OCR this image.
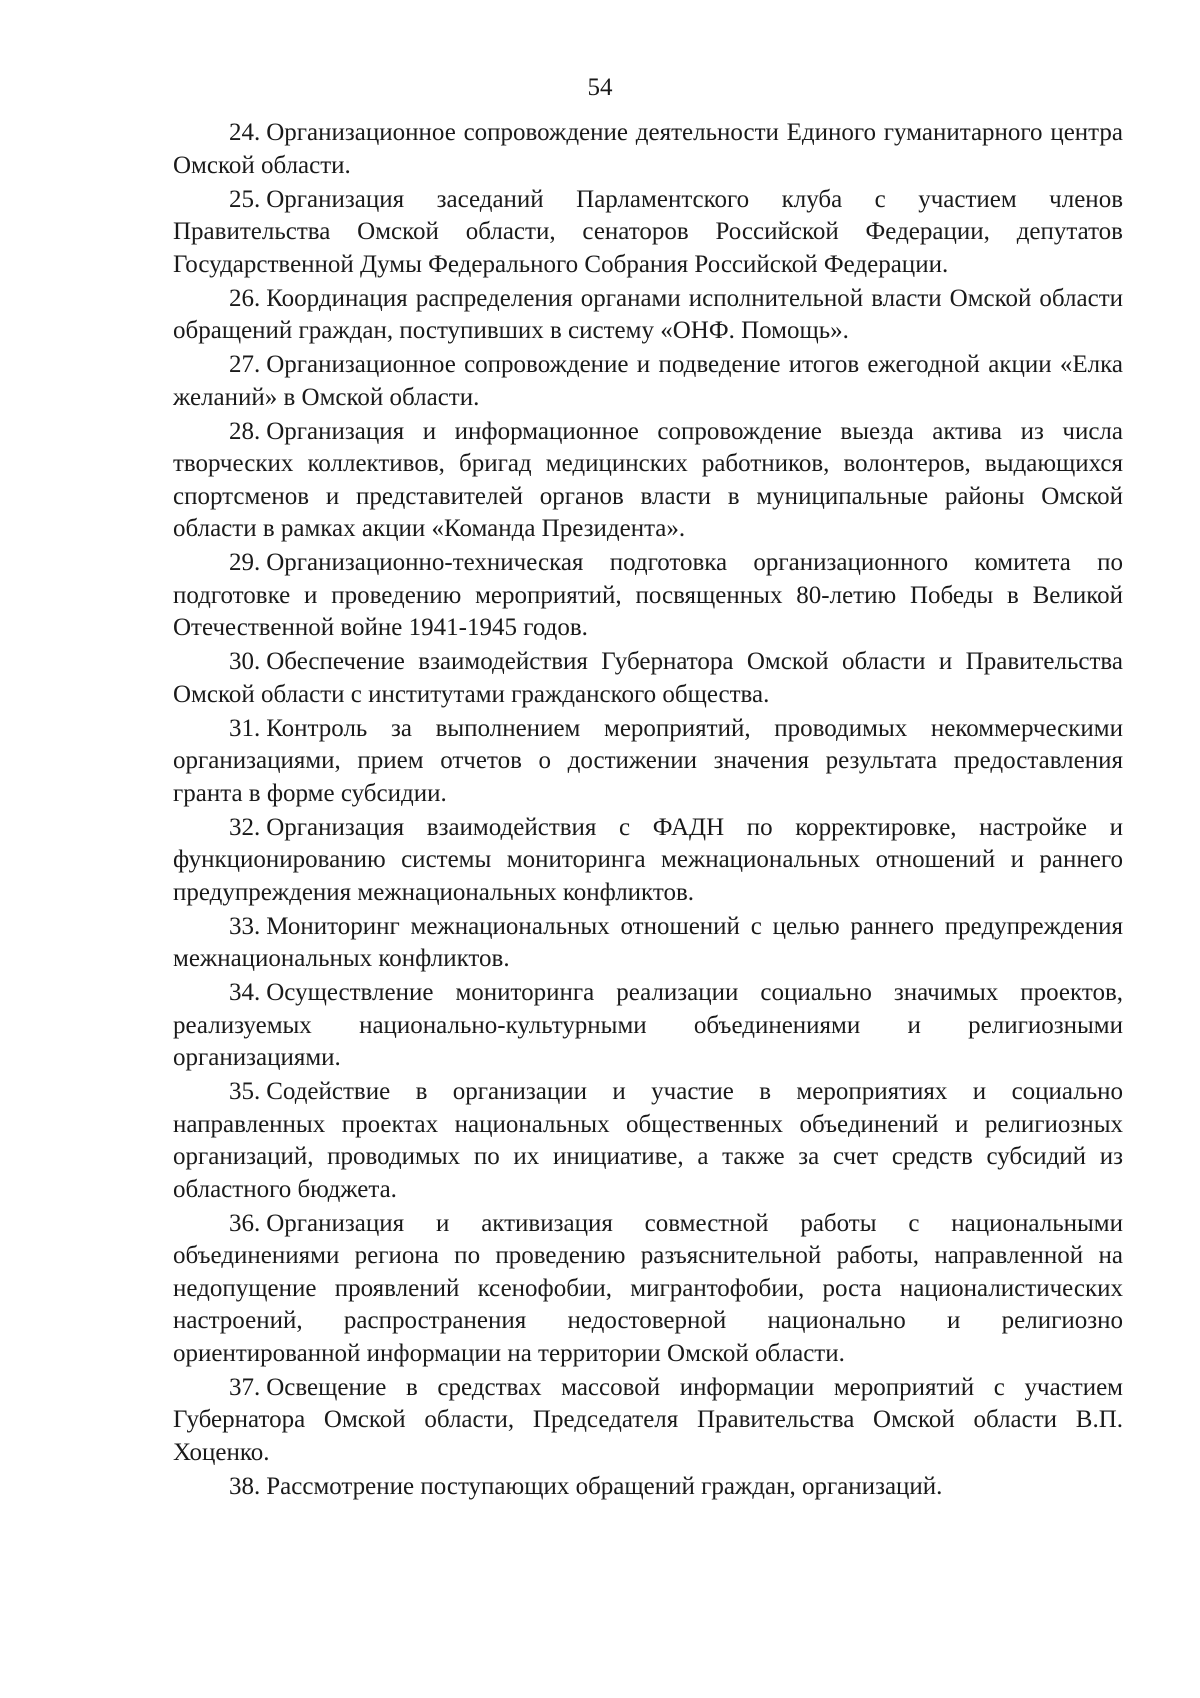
54

24. Организационное сопровождение деятельности Единого гуманитарного центра Омской области.

25. Организация заседаний Парламентского клуба с участием членов Правительства Омской области, сенаторов Российской Федерации, депутатов Государственной Думы Федерального Собрания Российской Федерации.

26. Координация распределения органами исполнительной власти Омской области обращений граждан, поступивших в систему «ОНФ. Помощь».

27. Организационное сопровождение и подведение итогов ежегодной акции «Елка желаний» в Омской области.

28. Организация и информационное сопровождение выезда актива из числа творческих коллективов, бригад медицинских работников, волонтеров, выдающихся спортсменов и представителей органов власти в муниципальные районы Омской области в рамках акции «Команда Президента».

29. Организационно-техническая подготовка организационного комитета по подготовке и проведению мероприятий, посвященных 80-летию Победы в Великой Отечественной войне 1941-1945 годов.

30. Обеспечение взаимодействия Губернатора Омской области и Правительства Омской области с институтами гражданского общества.

31. Контроль за выполнением мероприятий, проводимых некоммерческими организациями, прием отчетов о достижении значения результата предоставления гранта в форме субсидии.

32. Организация взаимодействия с ФАДН по корректировке, настройке и функционированию системы мониторинга межнациональных отношений и раннего предупреждения межнациональных конфликтов.

33. Мониторинг межнациональных отношений с целью раннего предупреждения межнациональных конфликтов.

34. Осуществление мониторинга реализации социально значимых проектов, реализуемых национально-культурными объединениями и религиозными организациями.

35. Содействие в организации и участие в мероприятиях и социально направленных проектах национальных общественных объединений и религиозных организаций, проводимых по их инициативе, а также за счет средств субсидий из областного бюджета.

36. Организация и активизация совместной работы с национальными объединениями региона по проведению разъяснительной работы, направленной на недопущение проявлений ксенофобии, мигрантофобии, роста националистических настроений, распространения недостоверной национально и религиозно ориентированной информации на территории Омской области.

37. Освещение в средствах массовой информации мероприятий с участием Губернатора Омской области, Председателя Правительства Омской области В.П. Хоценко.

38. Рассмотрение поступающих обращений граждан, организаций.
